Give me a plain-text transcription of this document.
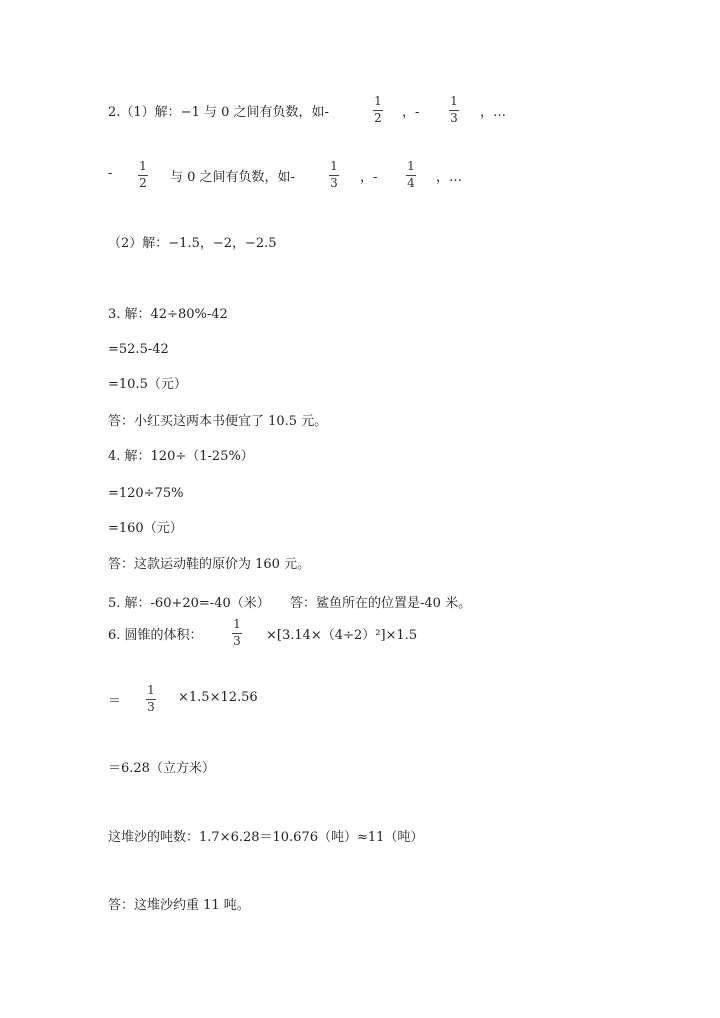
2.（1）解：−1 与 0 之间有负数，如-
1
2 ，-
1
3 ，…
- 1
2 与 0 之间有负数，如-
1
3 ，-
1
4 ，…
（2）解：−1.5，−2，−2.5
3. 解：42÷80%-42
=52.5-42
=10.5（元）
答：小红买这两本书便宜了 10.5 元。
4. 解：120÷（1-25%）
=120÷75%
=160（元）
答：这款运动鞋的原价为 160 元。
5. 解：-60+20=-40（米） 答：鲨鱼所在的位置是-40 米。
6. 圆锥的体积：
1
3 ×[3.14×（4÷2）²]×1.5
＝
1
3
×1.5×12.56
＝6.28（立方米）
这堆沙的吨数：1.7×6.28＝10.676（吨）≈11（吨）
答：这堆沙约重 11 吨。
